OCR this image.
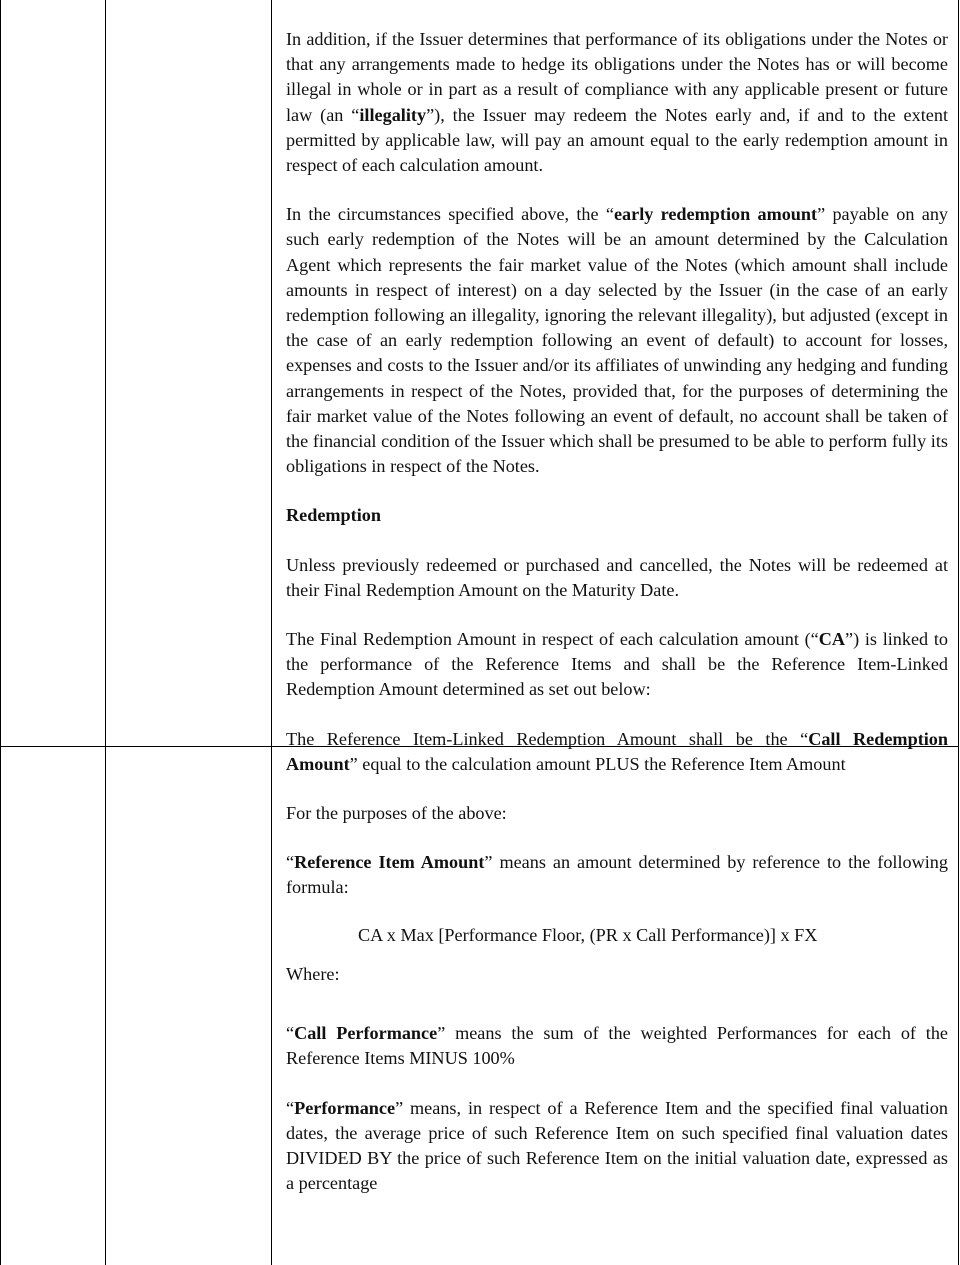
In addition, if the Issuer determines that performance of its obligations under the Notes or that any arrangements made to hedge its obligations under the Notes has or will become illegal in whole or in part as a result of compliance with any applicable present or future law (an “illegality”), the Issuer may redeem the Notes early and, if and to the extent permitted by applicable law, will pay an amount equal to the early redemption amount in respect of each calculation amount.

In the circumstances specified above, the “early redemption amount” payable on any such early redemption of the Notes will be an amount determined by the Calculation Agent which represents the fair market value of the Notes (which amount shall include amounts in respect of interest) on a day selected by the Issuer (in the case of an early redemption following an illegality, ignoring the relevant illegality), but adjusted (except in the case of an early redemption following an event of default) to account for losses, expenses and costs to the Issuer and/or its affiliates of unwinding any hedging and funding arrangements in respect of the Notes, provided that, for the purposes of determining the fair market value of the Notes following an event of default, no account shall be taken of the financial condition of the Issuer which shall be presumed to be able to perform fully its obligations in respect of the Notes.

Redemption

Unless previously redeemed or purchased and cancelled, the Notes will be redeemed at their Final Redemption Amount on the Maturity Date.

The Final Redemption Amount in respect of each calculation amount (“CA”) is linked to the performance of the Reference Items and shall be the Reference Item-Linked Redemption Amount determined as set out below:

The Reference Item-Linked Redemption Amount shall be the “Call Redemption Amount” equal to the calculation amount PLUS the Reference Item Amount

For the purposes of the above:

“Reference Item Amount” means an amount determined by reference to the following formula:

CA x Max [Performance Floor, (PR x Call Performance)] x FX

Where:

“Call Performance” means the sum of the weighted Performances for each of the Reference Items MINUS 100%

“Performance” means, in respect of a Reference Item and the specified final valuation dates, the average price of such Reference Item on such specified final valuation dates DIVIDED BY the price of such Reference Item on the initial valuation date, expressed as a percentage
